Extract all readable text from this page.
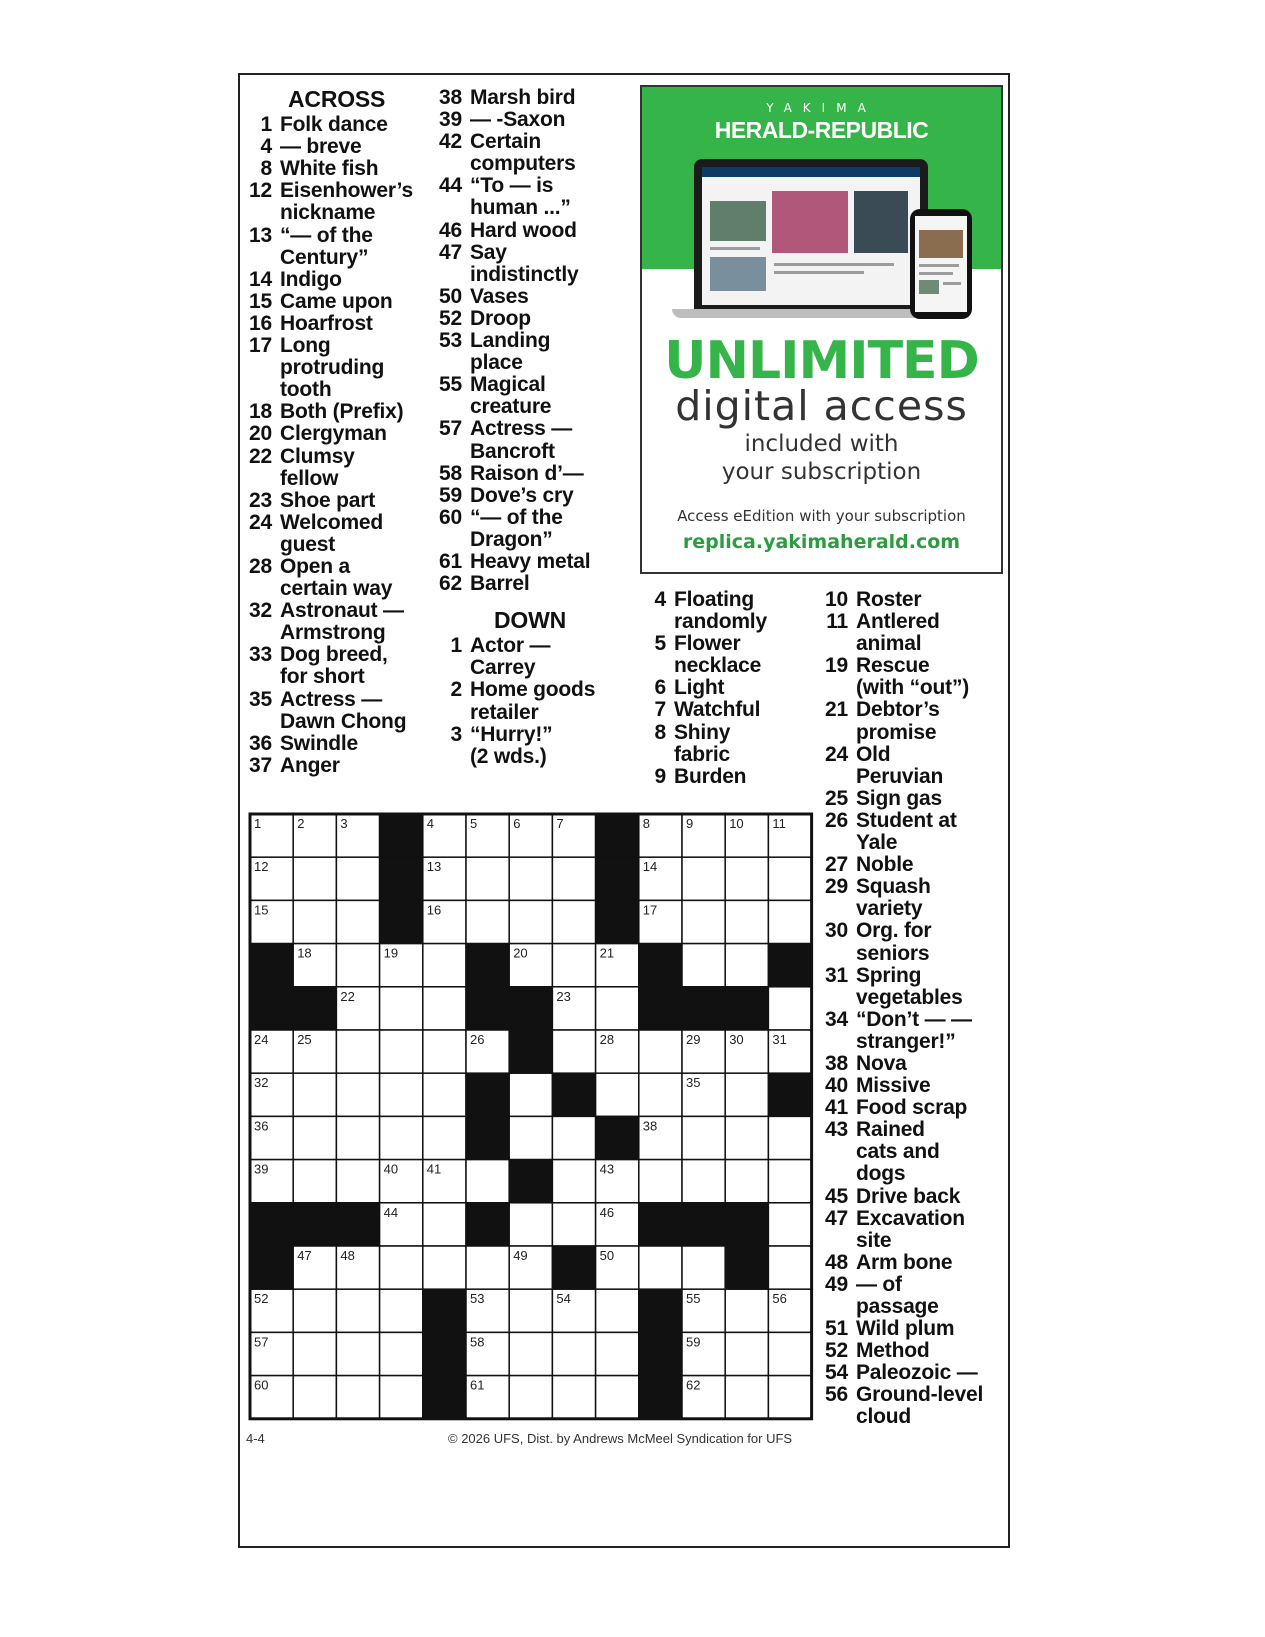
ACROSS
1 Folk dance
4 — breve
8 White fish
12 Eisenhower’s
nickname
13 “— of the
Century”
14 Indigo
15 Came upon
16 Hoarfrost
17 Long
protruding
tooth
18 Both (Prefix)
20 Clergyman
22 Clumsy
fellow
23 Shoe part
24 Welcomed
guest
28 Open a
certain way
32 Astronaut —
Armstrong
33 Dog breed,
for short
35 Actress —
Dawn Chong
36 Swindle
37 Anger
38 Marsh bird
39 — -Saxon
42 Certain
computers
44 “To — is
human ...”
46 Hard wood
47 Say
indistinctly
50 Vases
52 Droop
53 Landing
place
55 Magical
creature
57 Actress —
Bancroft
58 Raison d’—
59 Dove’s cry
60 “— of the
Dragon”
61 Heavy metal
62 Barrel
DOWN
1 Actor —
Carrey
2 Home goods
retailer
3 “Hurry!”
(2 wds.)
4 Floating
randomly
5 Flower
necklace
6 Light
7 Watchful
8 Shiny
fabric
9 Burden
10 Roster
11 Antlered
animal
19 Rescue
(with “out”)
21 Debtor’s
promise
24 Old
Peruvian
25 Sign gas
26 Student at
Yale
27 Noble
29 Squash
variety
30 Org. for
seniors
31 Spring
vegetables
34 “Don’t — —
stranger!”
38 Nova
40 Missive
41 Food scrap
43 Rained
cats and
dogs
45 Drive back
47 Excavation
site
48 Arm bone
49 — of
passage
51 Wild plum
52 Method
54 Paleozoic —
56 Ground-level
cloud
YAKIMA
HERALD-REPUBLIC
UNLIMITED
digital access
included with
your subscription
Access eEdition with your subscription
replica.yakimaherald.com
1	2	3	4	5	6	7	8	9	10 11
12	13	14
15	16	17
18	19	20	21
22	23
24 25	26	28	29 30 31
32	35
36	38
39	40 41	43
44	46
47 48	49	50
52	53	54	55	56
57	58	59
60	61	62
4-4	© 2026 UFS, Dist. by Andrews McMeel Syndication for UFS
